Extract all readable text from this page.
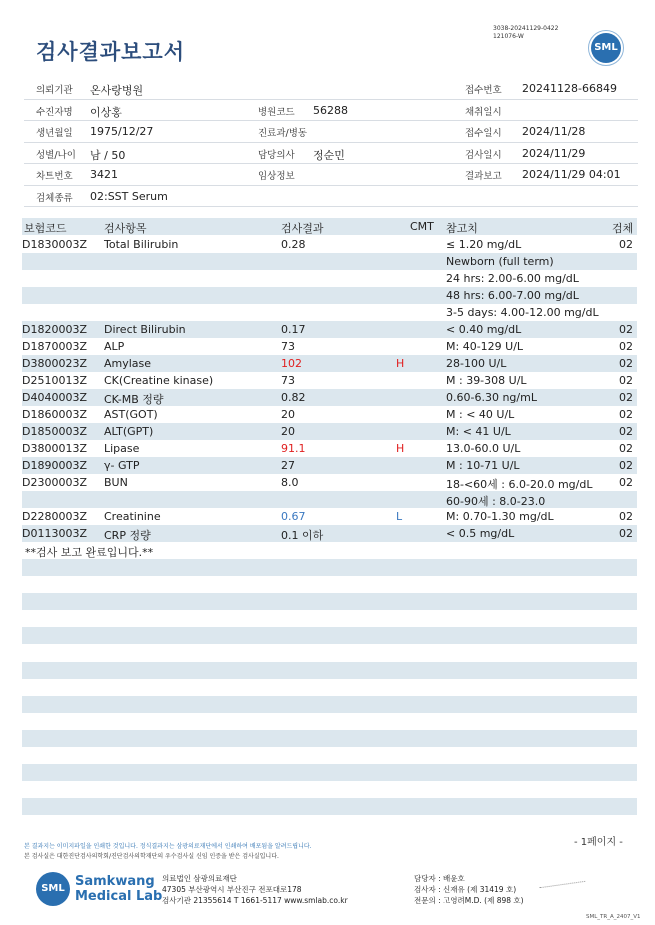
검사결과보고서
3038-20241129-0422
121076-W
SML
의뢰기관 온사랑병원	접수번호 20241128-66849
수진자명 이상홍	병원코드 56288	채취일시
생년월일 1975/12/27	진료과/병동	접수일시 2024/11/28
성별/나이 남 / 50	담당의사 정순민	검사일시 2024/11/29
차트번호 3421	임상정보	결과보고 2024/11/29 04:01
검체종류 02:SST Serum
보험코드	검사항목	검사결과	CMT 참고치	검체
D1830003Z Total Bilirubin	0.28	≤ 1.20 mg/dL	02
Newborn (full term)
24 hrs: 2.00-6.00 mg/dL
48 hrs: 6.00-7.00 mg/dL
3-5 days: 4.00-12.00 mg/dL
D1820003Z Direct Bilirubin	0.17	< 0.40 mg/dL	02
D1870003Z ALP	73	M: 40-129 U/L	02
D3800023Z Amylase	102	H	28-100 U/L	02
D2510013Z CK(Creatine kinase)	73	M : 39-308 U/L	02
D4040003Z CK-MB 정량	0.82	0.60-6.30 ng/mL	02
D1860003Z AST(GOT)	20	M : < 40 U/L	02
D1850003Z ALT(GPT)	20	M: < 41 U/L	02
D3800013Z Lipase	91.1	H	13.0-60.0 U/L	02
D1890003Z γ- GTP	27	M : 10-71 U/L	02
D2300003Z BUN	8.0	18-<60세 : 6.0-20.0 mg/dL 02
60-90세 : 8.0-23.0
D2280003Z Creatinine	0.67	L	M: 0.70-1.30 mg/dL	02
D0113003Z CRP 정량	0.1 이하	< 0.5 mg/dL	02
**검사 보고 완료입니다.**
본 결과지는 이미지파일을 인쇄한 것입니다. 정식결과지는 삼광의료재단에서 인쇄하여 배포됨을 알려드립니다.
본 검사실은 대한진단검사의학회/진단검사의학재단의 우수검사실 신임 인증을 받은 검사실입니다.
- 1페이지 -
SML Samkwang
Medical Lab
의료법인 삼광의료재단
47305 부산광역시 부산진구 전포대로178
검사기관 21355614 T 1661-5117 www.smlab.co.kr
담당자 : 배윤호
검사자 : 신재유 (제 31419 호)
전문의 : 고영려M.D. (제 898 호)
SML_TR_A_2407_V1
